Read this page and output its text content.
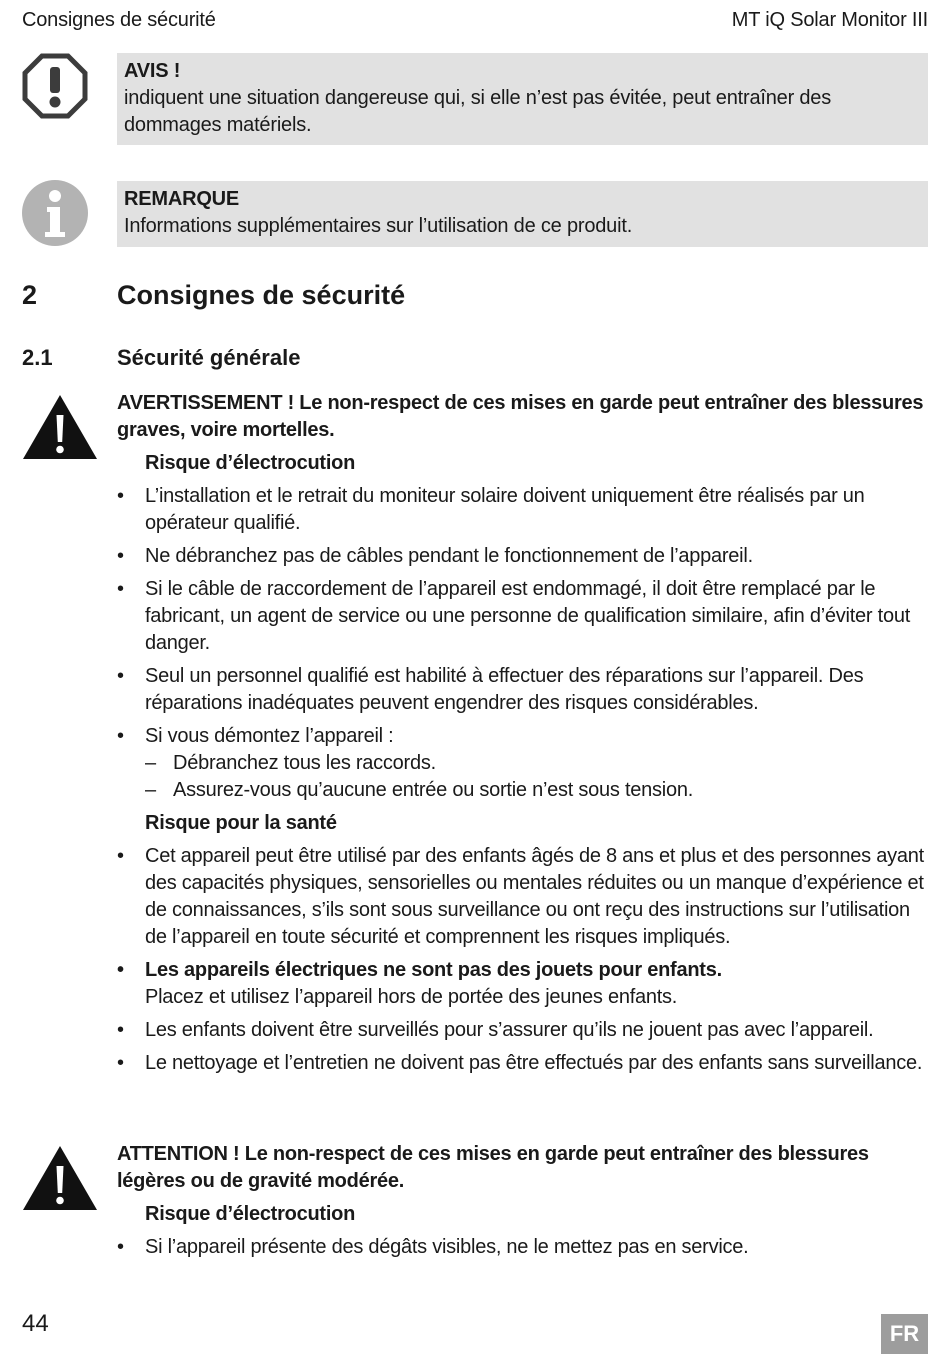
Consignes de sécurité	MT iQ Solar Monitor III
AVIS !
indiquent une situation dangereuse qui, si elle n’est pas évitée, peut entraîner des dommages matériels.
REMARQUE
Informations supplémentaires sur l’utilisation de ce produit.
2	Consignes de sécurité
2.1	Sécurité générale
AVERTISSEMENT ! Le non-respect de ces mises en garde peut entraîner des blessures graves, voire mortelles.
Risque d’électrocution
• L’installation et le retrait du moniteur solaire doivent uniquement être réalisés par un opérateur qualifié.
• Ne débranchez pas de câbles pendant le fonctionnement de l’appareil.
• Si le câble de raccordement de l’appareil est endommagé, il doit être remplacé par le fabricant, un agent de service ou une personne de qualification similaire, afin d’éviter tout danger.
• Seul un personnel qualifié est habilité à effectuer des réparations sur l’appareil. Des réparations inadéquates peuvent engendrer des risques considérables.
• Si vous démontez l’appareil :
– Débranchez tous les raccords.
– Assurez-vous qu’aucune entrée ou sortie n’est sous tension.
Risque pour la santé
• Cet appareil peut être utilisé par des enfants âgés de 8 ans et plus et des personnes ayant des capacités physiques, sensorielles ou mentales réduites ou un manque d’expérience et de connaissances, s’ils sont sous surveillance ou ont reçu des instructions sur l’utilisation de l’appareil en toute sécurité et comprennent les risques impliqués.
• Les appareils électriques ne sont pas des jouets pour enfants.
Placez et utilisez l’appareil hors de portée des jeunes enfants.
• Les enfants doivent être surveillés pour s’assurer qu’ils ne jouent pas avec l’appareil.
• Le nettoyage et l’entretien ne doivent pas être effectués par des enfants sans surveillance.
ATTENTION ! Le non-respect de ces mises en garde peut entraîner des blessures légères ou de gravité modérée.
Risque d’électrocution
• Si l’appareil présente des dégâts visibles, ne le mettez pas en service.
44	FR
